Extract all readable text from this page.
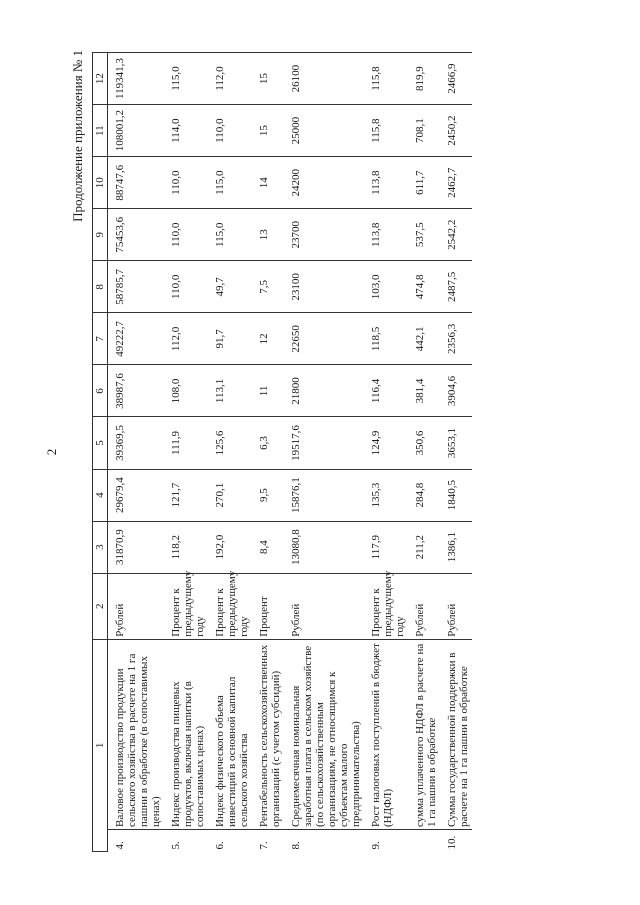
2
Продолжение приложения № 1
1		2	3	4	5	6	7	8	9	10	11	12
4.	Валовое производство продукции сельского хозяйства в расчете на 1 га пашни в обработке (в сопоставимых ценах)	Рублей	31870,9	29679,4	39369,5	38987,6	49222,7	58785,7	75453,6	88747,6	108001,2	119341,3
5.	Индекс производства пищевых продуктов, включая напитки (в сопоставимых ценах)	Процент к предыдущему году	118,2	121,7	111,9	108,0	112,0	110,0	110,0	110,0	114,0	115,0
6.	Индекс физического объема инвестиций в основной капитал сельского хозяйства	Процент к предыдущему году	192,0	270,1	125,6	113,1	91,7	49,7	115,0	115,0	110,0	112,0
7.	Рентабельность сельскохозяйственных организаций (с учетом субсидий)	Процент	8,4	9,5	6,3	11	12	7,5	13	14	15	15
8.	Среднемесячная номинальная заработная плата в сельском хозяйстве (по сельскохозяйственным организациям, не относящимся к субъектам малого предпринимательства)	Рублей	13080,8	15876,1	19517,6	21800	22650	23100	23700	24200	25000	26100
9.	Рост налоговых поступлений в бюджет (НДФЛ)	Процент к предыдущему году	117,9	135,3	124,9	116,4	118,5	103,0	113,8	113,8	115,8	115,8
	сумма уплаченного НДФЛ в расчете на 1 га пашни в обработке	Рублей	211,2	284,8	350,6	381,4	442,1	474,8	537,5	611,7	708,1	819,9
10.	Сумма государственной поддержки в расчете на 1 га пашни в обработке	Рублей	1386,1	1840,5	3653,1	3904,6	2356,3	2487,5	2542,2	2462,7	2450,2	2466,9
